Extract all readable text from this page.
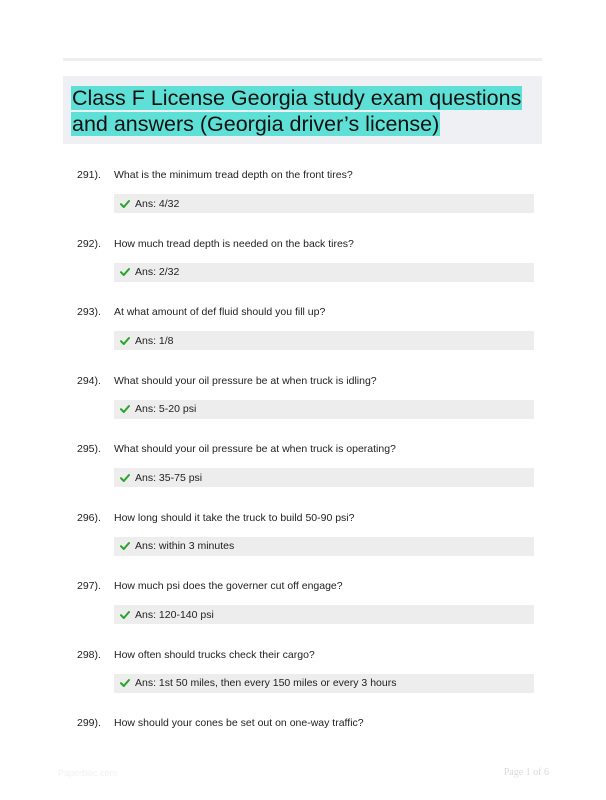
Class F License Georgia study exam questions and answers (Georgia driver’s license)
291). What is the minimum tread depth on the front tires?
Ans: 4/32
292). How much tread depth is needed on the back tires?
Ans: 2/32
293). At what amount of def fluid should you fill up?
Ans: 1/8
294). What should your oil pressure be at when truck is idling?
Ans: 5-20 psi
295). What should your oil pressure be at when truck is operating?
Ans: 35-75 psi
296). How long should it take the truck to build 50-90 psi?
Ans: within 3 minutes
297). How much psi does the governer cut off engage?
Ans: 120-140 psi
298). How often should trucks check their cargo?
Ans: 1st 50 miles, then every 150 miles or every 3 hours
299). How should your cones be set out on one-way traffic?
Paperbliic.com	Page 1 of 6
